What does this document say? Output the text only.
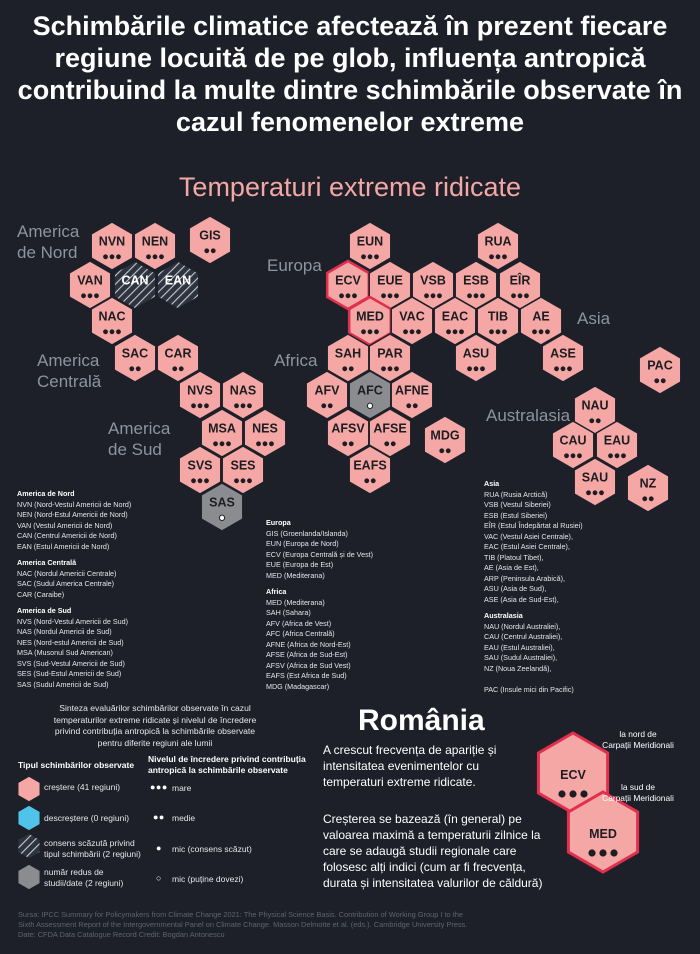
Schimbările climatice afectează în prezent fiecare regiune locuită de pe glob, influența antropică contribuind la multe dintre schimbările observate în cazul fenomenelor extreme
Temperaturi extreme ridicate
America
de Nord
America
Centrală
America
de Sud
Europa
Africa
Asia
Australasia
NVN NEN GIS
VAN CAN EAN
NAC
SAC CAR
NVS NAS
MSA NES
SVS SES
SAS
EUN	RUA
ECV EUE VSB ESB EÎR
MED VAC EAC TIB AE
SAH PAR	ASU	ASE
PAC
AFV AFC AFNE
AFSV AFSE MDG
EAFS
NAU
CAU EAU
SAU	NZ
ECV
MED
America de Nord
NVN (Nord-Vestul Americii de Nord)
NEN (Nord-Estul Americii de Nord)
VAN (Vestul Americii de Nord)
CAN (Centrul Americii de Nord)
EAN (Estul Americii de Nord)
America Centrală
NAC (Nordul Americii Centrale)
SAC (Sudul America Centrale)
CAR (Caraibe)
America de Sud
NVS (Nord-Vestul Americii de Sud)
NAS (Nordul Americii de Sud)
NES (Nord-estul Americii de Sud)
MSA (Musonul Sud American)
SVS (Sud-Vestul Americii de Sud)
SES (Sud-Estul Americii de Sud)
SAS (Sudul Americii de Sud)
Europa
GIS (Groenlanda/Islanda)
EUN (Europa de Nord)
ECV (Europa Centrală și de Vest)
EUE (Europa de Est)
MED (Mediterana)
Africa
MED (Mediterana)
SAH (Sahara)
AFV (Africa de Vest)
AFC (Africa Centrală)
AFNE (Africa de Nord-Est)
AFSE (Africa de Sud-Est)
AFSV (Africa de Sud Vest)
EAFS (Est Africa de Sud)
MDG (Madagascar)
Asia
RUA (Rusia Arctică)
VSB (Vestul Siberiei)
ESB (Estul Siberiei)
EÎR (Estul Îndepărtat al Rusiei)
VAC (Vestul Asiei Centrale),
EAC (Estul Asiei Centrale),
TIB (Platoul Tibet),
AE (Asia de Est),
ARP (Peninsula Arabică),
ASU (Asia de Sud),
ASE (Asia de Sud-Est),
Australasia
NAU (Nordul Australiei),
CAU (Centrul Australiei),
EAU (Estul Australiei),
SAU (Sudul Australiei),
NZ (Noua Zeelandă),
PAC (Insule mici din Pacific)
Sinteza evaluărilor schimbărilor observate în cazul
temperaturilor extreme ridicate și nivelul de încredere
privind contribuția antropică la schimbările observate
pentru diferite regiuni ale lumii
Tipul schimbărilor observate
Nivelul de încredere privind contribuția
antropică la schimbările observate
creștere (41 regiuni)
descreștere (0 regiuni)
consens scăzută privind
tipul schimbării (2 regiuni)
număr redus de
studii/date (2 regiuni)
●●● mare
●● medie
● mic (consens scăzut)
○ mic (puține dovezi)
România
A crescut frecvența de apariție și intensitatea evenimentelor cu temperaturi extreme ridicate.
Creșterea se bazează (în general) pe valoarea maximă a temperaturii zilnice la care se adaugă studii regionale care folosesc alți indici (cum ar fi frecvența, durata și intensitatea valurilor de căldură)
la nord de
Carpații Meridionali
la sud de
Carpații Meridionali
Sursa: IPCC Summary for Policymakers from Climate Change 2021: The Physical Science Basis. Contribution of Working Group I to the
Sixth Assessment Report of the Intergovernmental Panel on Climate Change. Masson Delmotte et al. (eds.). Cambridge University Press.
Date: CFDA Data Catalogue Record Credit: Bogdan Antonescu
